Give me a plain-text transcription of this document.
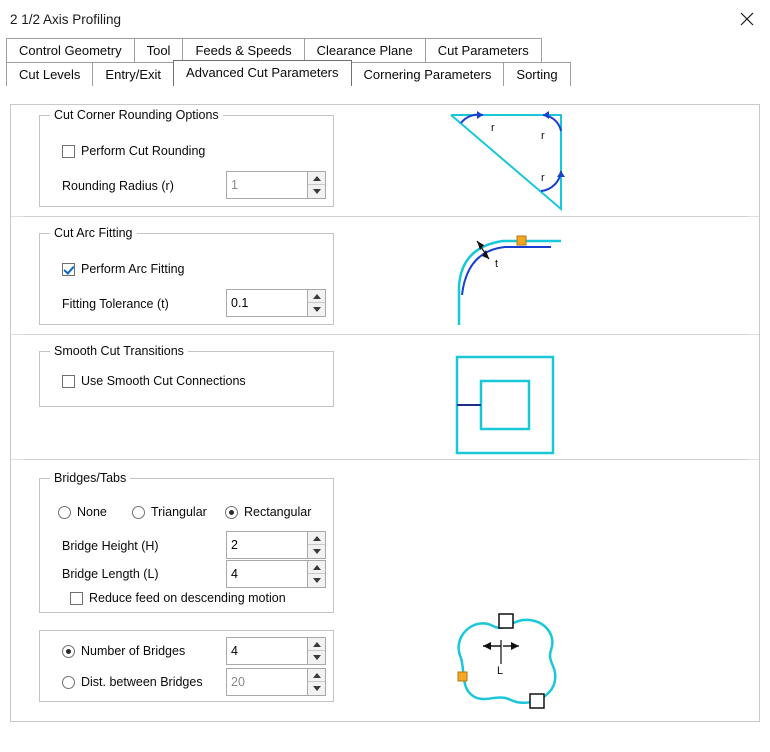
2 1/2 Axis Profiling
Control Geometry	Tool	Feeds & Speeds	Clearance Plane	Cut Parameters
Cut Levels	Entry/Exit	Advanced Cut Parameters	Cornering Parameters	Sorting
Cut Corner Rounding Options
Perform Cut Rounding
Rounding Radius (r)
1
r
r
r
Cut Arc Fitting
Perform Arc Fitting
Fitting Tolerance (t)
0.1
t
Smooth Cut Transitions
Use Smooth Cut Connections
Bridges/Tabs
None	Triangular	Rectangular
Bridge Height (H)
2
Bridge Length (L)
4
Reduce feed on descending motion
Number of Bridges
4
Dist. between Bridges
20
L
